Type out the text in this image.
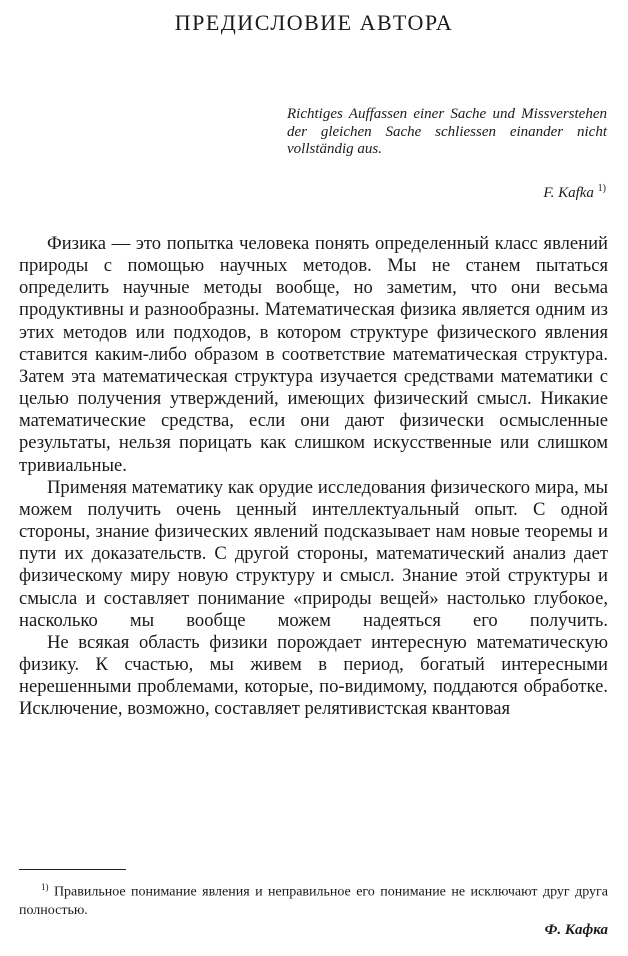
ПРЕДИСЛОВИЕ АВТОРА
Richtiges Auffassen einer Sache und Missverstehen der gleichen Sache schliessen einander nicht vollständig aus.
F. Kafka $^{1)}$

Физика — это попытка человека понять определенный класс явлений природы с помощью научных методов. Мы не станем пытаться определить научные методы вообще, но заметим, что они весьма продуктивны и разнообразны. Математическая физика является одним из этих методов или подходов, в котором структуре физического явления ставится каким-либо образом в соответствие математическая структура. Затем эта математическая структура изучается средствами математики с целью получения утверждений, имеющих физический смысл. Никакие математические средства, если они дают физически осмысленные результаты, нельзя порицать как слишком искусственные или слишком тривиальные.

Применяя математику как орудие исследования физического мира, мы можем получить очень ценный интеллектуальный опыт. С одной стороны, знание физических явлений подсказывает нам новые теоремы и пути их доказательств. С другой стороны, математический анализ дает физическому миру новую структуру и смысл. Знание этой структуры и смысла и составляет понимание «природы вещей» настолько глубокое, насколько мы вообще можем надеяться его получить.

Не всякая область физики порождает интересную математическую физику. К счастью, мы живем в период, богатый интересными нерешенными проблемами, которые, по-видимому, поддаются обработке. Исключение, возможно, составляет релятивистская квантовая

$^{1)}$ Правильное понимание явления и неправильное его понимание не исключают друг друга полностью.
Ф. Кафка
